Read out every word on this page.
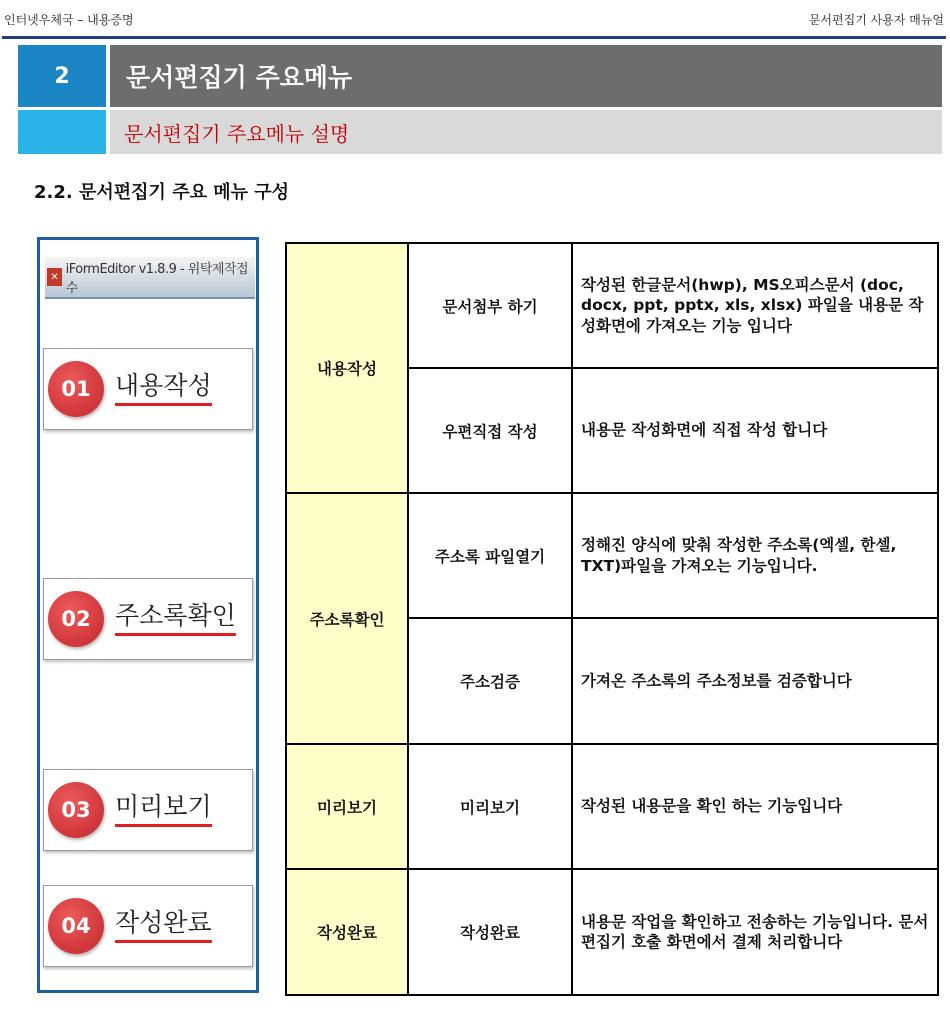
인터넷우체국 – 내용증명	문서편집기 사용자 매뉴얼
2	문서편집기 주요메뉴
문서편집기 주요메뉴 설명
2.2. 문서편집기 주요 메뉴 구성
✕ iFormEditor v1.8.9 - 위탁제작접수
01 내용작성
02 주소록확인
03 미리보기
04 작성완료
내용작성	문서첨부 하기	작성된 한글문서(hwp), MS오피스문서 (doc, docx, ppt, pptx, xls, xlsx) 파일을 내용문 작성화면에 가져오는 기능 입니다
	우편직접 작성	내용문 작성화면에 직접 작성 합니다
주소록확인	주소록 파일열기	정해진 양식에 맞춰 작성한 주소록(엑셀, 한셀, TXT)파일을 가져오는 기능입니다.
	주소검증	가져온 주소록의 주소정보를 검증합니다
미리보기	미리보기	작성된 내용문을 확인 하는 기능입니다
작성완료	작성완료	내용문 작업을 확인하고 전송하는 기능입니다. 문서편집기 호출 화면에서 결제 처리합니다
